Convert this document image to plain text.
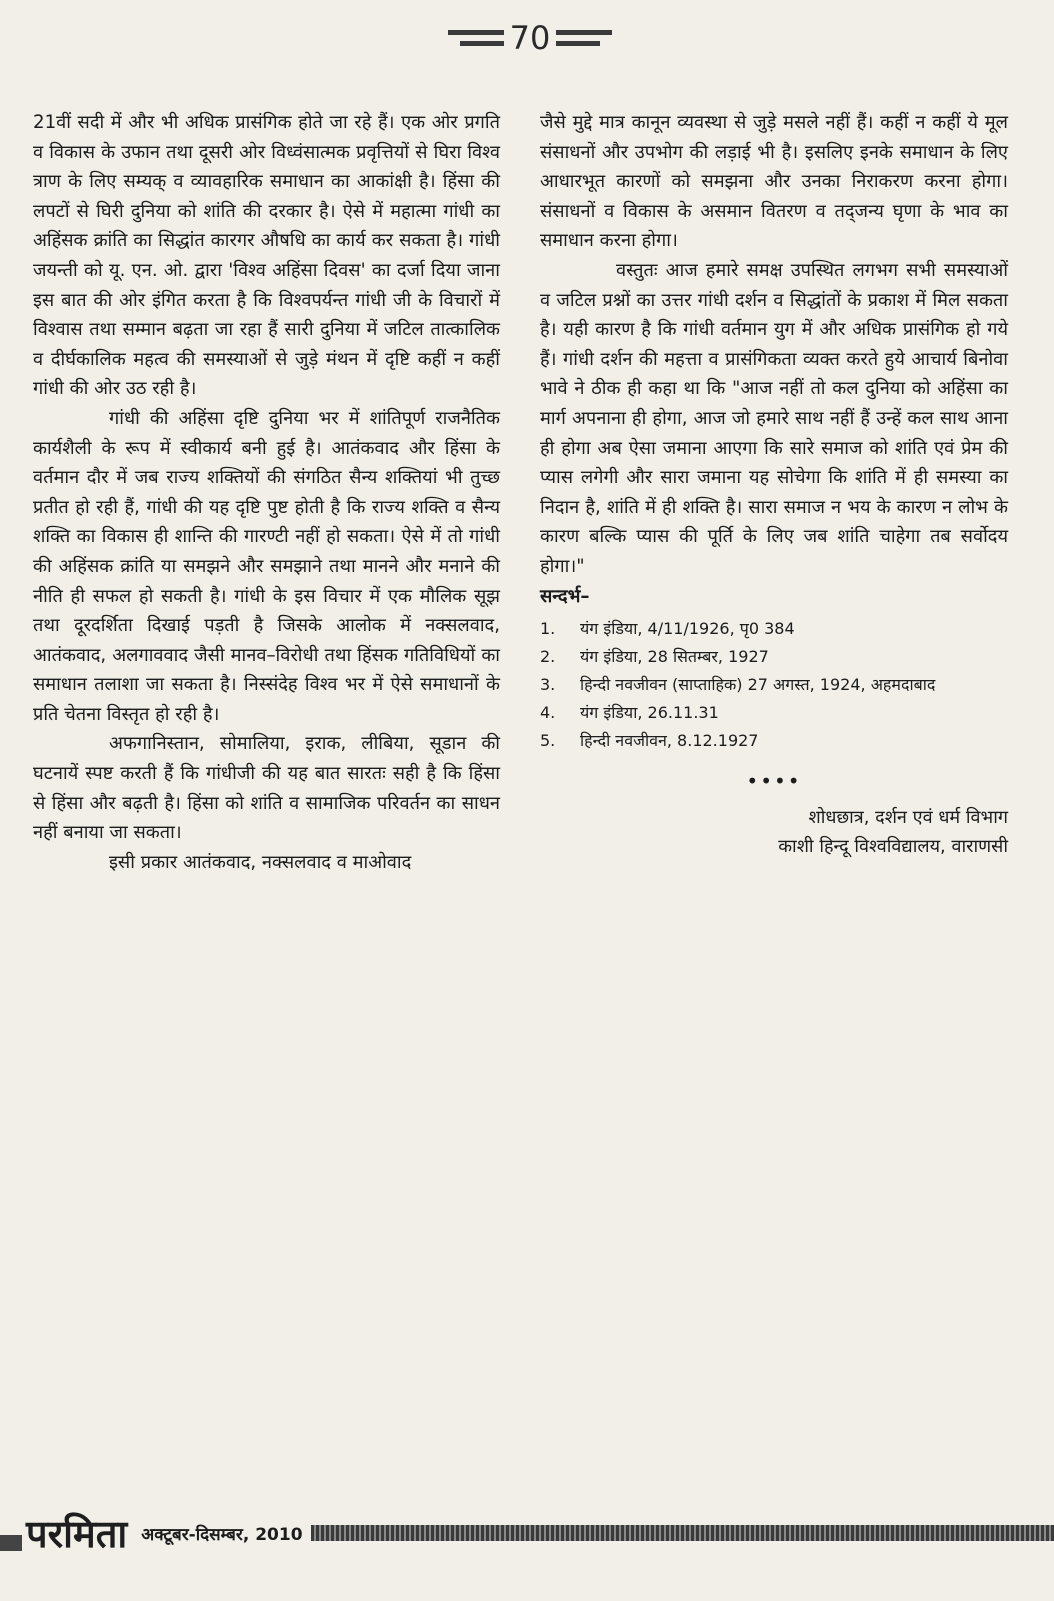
70

21वीं सदी में और भी अधिक प्रासंगिक होते जा रहे हैं। एक ओर प्रगति व विकास के उफान तथा दूसरी ओर विध्वंसात्मक प्रवृत्तियों से घिरा विश्व त्राण के लिए सम्यक् व व्यावहारिक समाधान का आकांक्षी है। हिंसा की लपटों से घिरी दुनिया को शांति की दरकार है। ऐसे में महात्मा गांधी का अहिंसक क्रांति का सिद्धांत कारगर औषधि का कार्य कर सकता है। गांधी जयन्ती को यू. एन. ओ. द्वारा 'विश्व अहिंसा दिवस' का दर्जा दिया जाना इस बात की ओर इंगित करता है कि विश्वपर्यन्त गांधी जी के विचारों में विश्वास तथा सम्मान बढ़ता जा रहा हैं सारी दुनिया में जटिल तात्कालिक व दीर्घकालिक महत्व की समस्याओं से जुड़े मंथन में दृष्टि कहीं न कहीं गांधी की ओर उठ रही है।

गांधी की अहिंसा दृष्टि दुनिया भर में शांतिपूर्ण राजनैतिक कार्यशैली के रूप में स्वीकार्य बनी हुई है। आतंकवाद और हिंसा के वर्तमान दौर में जब राज्य शक्तियों की संगठित सैन्य शक्तियां भी तुच्छ प्रतीत हो रही हैं, गांधी की यह दृष्टि पुष्ट होती है कि राज्य शक्ति व सैन्य शक्ति का विकास ही शान्ति की गारण्टी नहीं हो सकता। ऐसे में तो गांधी की अहिंसक क्रांति या समझने और समझाने तथा मानने और मनाने की नीति ही सफल हो सकती है। गांधी के इस विचार में एक मौलिक सूझ तथा दूरदर्शिता दिखाई पड़ती है जिसके आलोक में नक्सलवाद, आतंकवाद, अलगाववाद जैसी मानव–विरोधी तथा हिंसक गतिविधियों का समाधान तलाशा जा सकता है। निस्संदेह विश्व भर में ऐसे समाधानों के प्रति चेतना विस्तृत हो रही है।

अफगानिस्तान, सोमालिया, इराक, लीबिया, सूडान की घटनायें स्पष्ट करती हैं कि गांधीजी की यह बात सारतः सही है कि हिंसा से हिंसा और बढ़ती है। हिंसा को शांति व सामाजिक परिवर्तन का साधन नहीं बनाया जा सकता।

इसी प्रकार आतंकवाद, नक्सलवाद व माओवाद

जैसे मुद्दे मात्र कानून व्यवस्था से जुड़े मसले नहीं हैं। कहीं न कहीं ये मूल संसाधनों और उपभोग की लड़ाई भी है। इसलिए इनके समाधान के लिए आधारभूत कारणों को समझना और उनका निराकरण करना होगा। संसाधनों व विकास के असमान वितरण व तद्जन्य घृणा के भाव का समाधान करना होगा।

वस्तुतः आज हमारे समक्ष उपस्थित लगभग सभी समस्याओं व जटिल प्रश्नों का उत्तर गांधी दर्शन व सिद्धांतों के प्रकाश में मिल सकता है। यही कारण है कि गांधी वर्तमान युग में और अधिक प्रासंगिक हो गये हैं। गांधी दर्शन की महत्ता व प्रासंगिकता व्यक्त करते हुये आचार्य बिनोवा भावे ने ठीक ही कहा था कि "आज नहीं तो कल दुनिया को अहिंसा का मार्ग अपनाना ही होगा, आज जो हमारे साथ नहीं हैं उन्हें कल साथ आना ही होगा अब ऐसा जमाना आएगा कि सारे समाज को शांति एवं प्रेम की प्यास लगेगी और सारा जमाना यह सोचेगा कि शांति में ही समस्या का निदान है, शांति में ही शक्ति है। सारा समाज न भय के कारण न लोभ के कारण बल्कि प्यास की पूर्ति के लिए जब शांति चाहेगा तब सर्वोदय होगा।"

सन्दर्भ–

1.	यंग इंडिया, 4/11/1926, पृ0 384
2.	यंग इंडिया, 28 सितम्बर, 1927
3.	हिन्दी नवजीवन (साप्ताहिक) 27 अगस्त, 1924, अहमदाबाद
4.	यंग इंडिया, 26.11.31
5.	हिन्दी नवजीवन, 8.12.1927
••••
शोधछात्र, दर्शन एवं धर्म विभाग
काशी हिन्दू विश्वविद्यालय, वाराणसी
परमिता अक्टूबर-दिसम्बर, 2010
